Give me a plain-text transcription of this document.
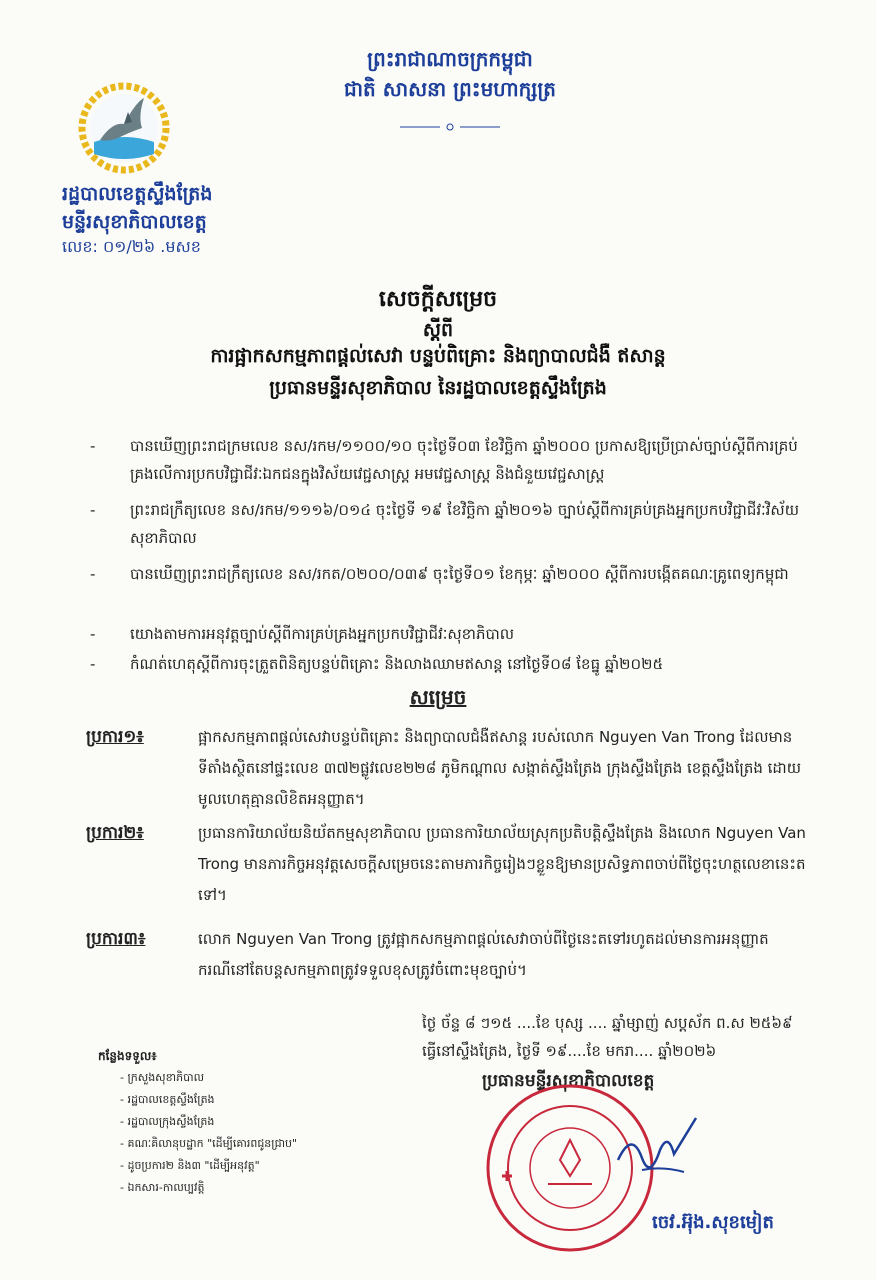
ព្រះរាជាណាចក្រកម្ពុជា
ជាតិ សាសនា ព្រះមហាក្សត្រ
រដ្ឋបាលខេត្តស្ទឹងត្រែង
មន្ទីរសុខាភិបាលខេត្ត
លេខ: ០១/២៦ .មសខ
សេចក្ដីសម្រេច
ស្ដីពី
ការផ្អាកសកម្មភាពផ្តល់សេវា បន្ទប់ពិគ្រោះ និងព្យាបាលជំងឺ ឥសាន្ត
ប្រធានមន្ទីរសុខាភិបាល នៃរដ្ឋបាលខេត្តស្ទឹងត្រែង
- បានឃើញព្រះរាជក្រមលេខ នស/រកម/១១០០/១០ ចុះថ្ងៃទី០៣ ខែវិច្ឆិកា ឆ្នាំ២០០០ ប្រកាសឱ្យប្រើប្រាស់ច្បាប់ស្ដីពីការគ្រប់គ្រងលើការប្រកបវិជ្ជាជីវៈឯកជនក្នុងវិស័យវេជ្ជសាស្ត្រ អមវេជ្ជសាស្ត្រ និងជំនួយវេជ្ជសាស្ត្រ
- ព្រះរាជក្រឹត្យលេខ នស/រកម/១១១៦/០១៤ ចុះថ្ងៃទី ១៩ ខែវិច្ឆិកា ឆ្នាំ២០១៦ ច្បាប់ស្ដីពីការគ្រប់គ្រងអ្នកប្រកបវិជ្ជាជីវៈវិស័យសុខាភិបាល
- បានឃើញព្រះរាជក្រឹត្យលេខ នស/រកត/០២០០/០៣៩ ចុះថ្ងៃទី០១ ខែកុម្ភៈ ឆ្នាំ២០០០ ស្ដីពីការបង្កើតគណៈគ្រូពេទ្យកម្ពុជា
- យោងតាមការអនុវត្តច្បាប់ស្ដីពីការគ្រប់គ្រងអ្នកប្រកបវិជ្ជាជីវៈសុខាភិបាល
- កំណត់ហេតុស្ដីពីការចុះត្រួតពិនិត្យបន្ទប់ពិគ្រោះ និងលាងឈាមឥសាន្ត នៅថ្ងៃទី០៨ ខែធ្នូ ឆ្នាំ២០២៥
សម្រេច
ប្រការ១៖	ផ្អាកសកម្មភាពផ្តល់សេវាបន្ទប់ពិគ្រោះ និងព្យាបាលជំងឺឥសាន្ត របស់លោក Nguyen Van Trong ដែលមានទីតាំងស្ថិតនៅផ្ទះលេខ ៣៧២ផ្លូវលេខ២២៨ ភូមិកណ្ដាល សង្កាត់ស្ទឹងត្រែង ក្រុងស្ទឹងត្រែង ខេត្តស្ទឹងត្រែង ដោយមូលហេតុគ្មានលិខិតអនុញ្ញាត។
ប្រការ២៖	ប្រធានការិយាល័យនិយ័តកម្មសុខាភិបាល ប្រធានការិយាល័យស្រុកប្រតិបត្តិស្ទឹងត្រែង និងលោក Nguyen Van Trong មានភារកិច្ចអនុវត្តសេចក្ដីសម្រេចនេះតាមភារកិច្ចរៀងៗខ្លួនឱ្យមានប្រសិទ្ធភាពចាប់ពីថ្ងៃចុះហត្ថលេខានេះតទៅ។
ប្រការ៣៖	លោក Nguyen Van Trong ត្រូវផ្អាកសកម្មភាពផ្តល់សេវាចាប់ពីថ្ងៃនេះតទៅរហូតដល់មានការអនុញ្ញាត ករណីនៅតែបន្តសកម្មភាពត្រូវទទួលខុសត្រូវចំពោះមុខច្បាប់។
ថ្ងៃ ច័ន្ទ ៨ ៗ១៥ ....ខែ បុស្ស .... ឆ្នាំម្សាញ់ សប្តស័ក ព.ស ២៥៦៩
ធ្វើនៅស្ទឹងត្រែង, ថ្ងៃទី ១៩....ខែ មករា.... ឆ្នាំ២០២៦
ប្រធានមន្ទីរសុខាភិបាលខេត្ត
ចេវ.អ៊ុង.សុខមៀត
កន្លែងទទួល៖
- ក្រសួងសុខាភិបាល
- រដ្ឋបាលខេត្តស្ទឹងត្រែង
- រដ្ឋបាលក្រុងស្ទឹងត្រែង
- គណៈគិលានុបដ្ឋាក "ដើម្បីគោរពជូនជ្រាប"
- ដូចប្រការ២ និង៣ "ដើម្បីអនុវត្ត"
- ឯកសារ-កាលប្បវត្តិ
